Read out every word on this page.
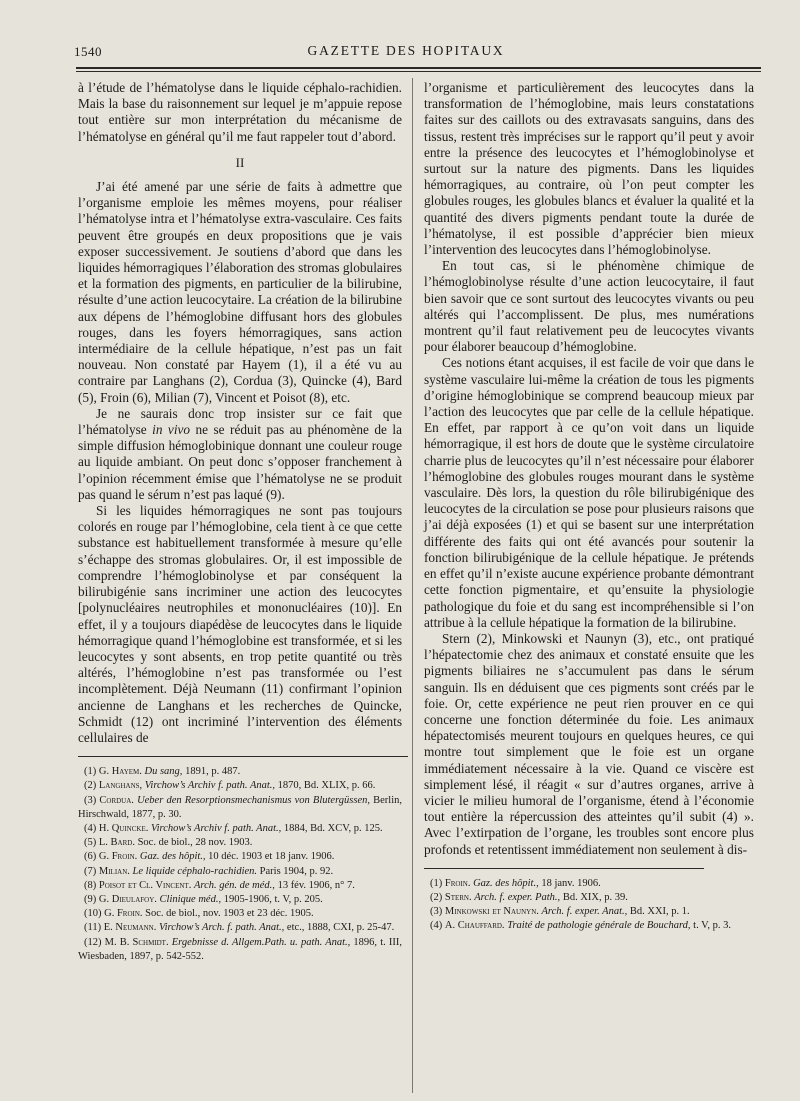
1540	GAZETTE DES HOPITAUX

à l’étude de l’hématolyse dans le liquide céphalo-rachidien. Mais la base du raisonnement sur lequel je m’appuie repose tout entière sur mon interprétation du mécanisme de l’hématolyse en général qu’il me faut rappeler tout d’abord.

II

J’ai été amené par une série de faits à admettre que l’organisme emploie les mêmes moyens, pour réaliser l’hématolyse intra et l’hématolyse extra-vasculaire. Ces faits peuvent être groupés en deux propositions que je vais exposer successivement. Je soutiens d’abord que dans les liquides hémorragiques l’élaboration des stromas globulaires et la formation des pigments, en particulier de la bilirubine, résulte d’une action leucocytaire. La création de la bilirubine aux dépens de l’hémoglobine diffusant hors des globules rouges, dans les foyers hémorragiques, sans action intermédiaire de la cellule hépatique, n’est pas un fait nouveau. Non constaté par Hayem (1), il a été vu au contraire par Langhans (2), Cordua (3), Quincke (4), Bard (5), Froin (6), Milian (7), Vincent et Poisot (8), etc.

Je ne saurais donc trop insister sur ce fait que l’hématolyse in vivo ne se réduit pas au phénomène de la simple diffusion hémoglobinique donnant une couleur rouge au liquide ambiant. On peut donc s’opposer franchement à l’opinion récemment émise que l’hématolyse ne se produit pas quand le sérum n’est pas laqué (9).

Si les liquides hémorragiques ne sont pas toujours colorés en rouge par l’hémoglobine, cela tient à ce que cette substance est habituellement transformée à mesure qu’elle s’échappe des stromas globulaires. Or, il est impossible de comprendre l’hémoglobinolyse et par conséquent la bilirubigénie sans incriminer une action des leucocytes [polynucléaires neutrophiles et mononucléaires (10)]. En effet, il y a toujours diapédèse de leucocytes dans le liquide hémorragique quand l’hémoglobine est transformée, et si les leucocytes y sont absents, en trop petite quantité ou très altérés, l’hémoglobine n’est pas transformée ou l’est incomplètement. Déjà Neumann (11) confirmant l’opinion ancienne de Langhans et les recherches de Quincke, Schmidt (12) ont incriminé l’intervention des éléments cellulaires de

(1) G. Hayem. Du sang, 1891, p. 487.
(2) Langhans, Virchow’s Archiv f. path. Anat., 1870, Bd. XLIX, p. 66.
(3) Cordua. Ueber den Resorptionsmechanismus von Blutergüssen, Berlin, Hirschwald, 1877, p. 30.
(4) H. Quincke. Virchow’s Archiv f. path. Anat., 1884, Bd. XCV, p. 125.
(5) L. Bard. Soc. de biol., 28 nov. 1903.
(6) G. Froin. Gaz. des hôpit., 10 déc. 1903 et 18 janv. 1906.
(7) Milian. Le liquide céphalo-rachidien. Paris 1904, p. 92.
(8) Poisot et Cl. Vincent. Arch. gén. de méd., 13 fév. 1906, n° 7.
(9) G. Dieulafoy. Clinique méd., 1905-1906, t. V, p. 205.
(10) G. Froin. Soc. de biol., nov. 1903 et 23 déc. 1905.
(11) E. Neumann. Virchow’s Arch. f. path. Anat., etc., 1888, CXI, p. 25-47.
(12) M. B. Schmidt. Ergebnisse d. Allgem.Path. u. path. Anat., 1896, t. III, Wiesbaden, 1897, p. 542-552.

l’organisme et particulièrement des leucocytes dans la transformation de l’hémoglobine, mais leurs constatations faites sur des caillots ou des extravasats sanguins, dans des tissus, restent très imprécises sur le rapport qu’il peut y avoir entre la présence des leucocytes et l’hémoglobinolyse et surtout sur la nature des pigments. Dans les liquides hémorragiques, au contraire, où l’on peut compter les globules rouges, les globules blancs et évaluer la qualité et la quantité des divers pigments pendant toute la durée de l’hématolyse, il est possible d’apprécier bien mieux l’intervention des leucocytes dans l’hémoglobinolyse.

En tout cas, si le phénomène chimique de l’hémoglobinolyse résulte d’une action leucocytaire, il faut bien savoir que ce sont surtout des leucocytes vivants ou peu altérés qui l’accomplissent. De plus, mes numérations montrent qu’il faut relativement peu de leucocytes vivants pour élaborer beaucoup d’hémoglobine.

Ces notions étant acquises, il est facile de voir que dans le système vasculaire lui-même la création de tous les pigments d’origine hémoglobinique se comprend beaucoup mieux par l’action des leucocytes que par celle de la cellule hépatique. En effet, par rapport à ce qu’on voit dans un liquide hémorragique, il est hors de doute que le système circulatoire charrie plus de leucocytes qu’il n’est nécessaire pour élaborer l’hémoglobine des globules rouges mourant dans le système vasculaire. Dès lors, la question du rôle bilirubigénique des leucocytes de la circulation se pose pour plusieurs raisons que j’ai déjà exposées (1) et qui se basent sur une interprétation différente des faits qui ont été avancés pour soutenir la fonction bilirubigénique de la cellule hépatique. Je prétends en effet qu’il n’existe aucune expérience probante démontrant cette fonction pigmentaire, et qu’ensuite la physiologie pathologique du foie et du sang est incompréhensible si l’on attribue à la cellule hépatique la formation de la bilirubine.

Stern (2), Minkowski et Naunyn (3), etc., ont pratiqué l’hépatectomie chez des animaux et constaté ensuite que les pigments biliaires ne s’accumulent pas dans le sérum sanguin. Ils en déduisent que ces pigments sont créés par le foie. Or, cette expérience ne peut rien prouver en ce qui concerne une fonction déterminée du foie. Les animaux hépatectomisés meurent toujours en quelques heures, ce qui montre tout simplement que le foie est un organe immédiatement nécessaire à la vie. Quand ce viscère est simplement lésé, il réagit « sur d’autres organes, arrive à vicier le milieu humoral de l’organisme, étend à l’économie tout entière la répercussion des atteintes qu’il subit (4) ». Avec l’extirpation de l’organe, les troubles sont encore plus profonds et retentissent immédiatement non seulement à dis-

(1) Froin. Gaz. des hôpit., 18 janv. 1906.
(2) Stern. Arch. f. exper. Path., Bd. XIX, p. 39.
(3) Minkowski et Naunyn. Arch. f. exper. Anat., Bd. XXI, p. 1.
(4) A. Chauffard. Traité de pathologie générale de Bouchard, t. V, p. 3.
